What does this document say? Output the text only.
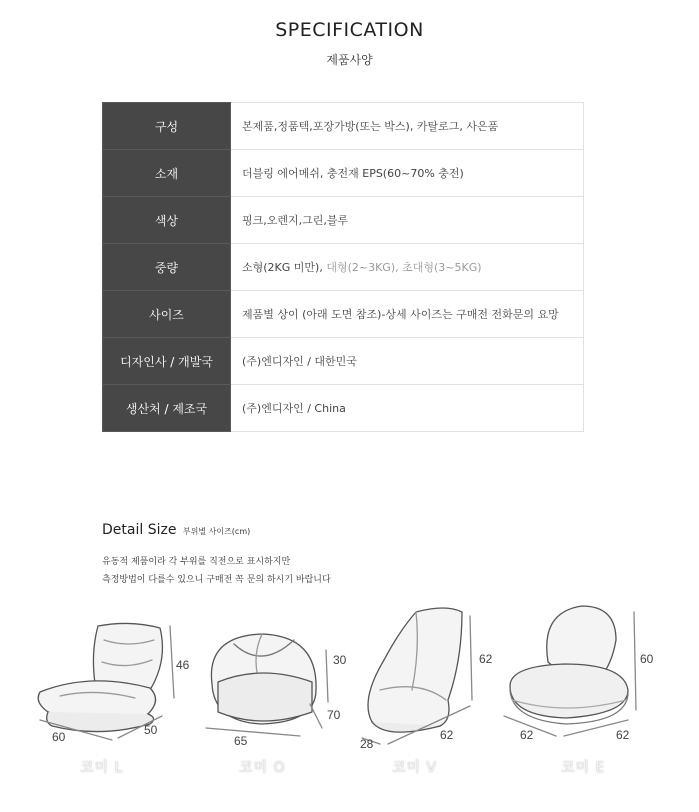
SPECIFICATION
제품사양
구성	본제품,정품텍,포장가방(또는 박스), 카탈로그, 사은품
소재	더블링 에어메쉬, 충전재 EPS(60~70% 충전)
색상	핑크,오렌지,그린,블루
중량	소형(2KG 미만), 대형(2~3KG), 초대형(3~5KG)
사이즈	제품별 상이 (아래 도면 참조)-상세 사이즈는 구매전 전화문의 요망
디자인사 / 개발국	(주)엔디자인 / 대한민국
생산처 / 제조국	(주)엔디자인 / China
Detail Size 부위별 사이즈(cm)
유동적 제품이라 각 부위를 직전으로 표시하지만
측정방법이 다를수 있으니 구매전 꼭 문의 하시기 바랍니다
46
60	50
30
65
70
62
28
62
60
62	62
코미 L	코미 O	코미 V	코미 E
